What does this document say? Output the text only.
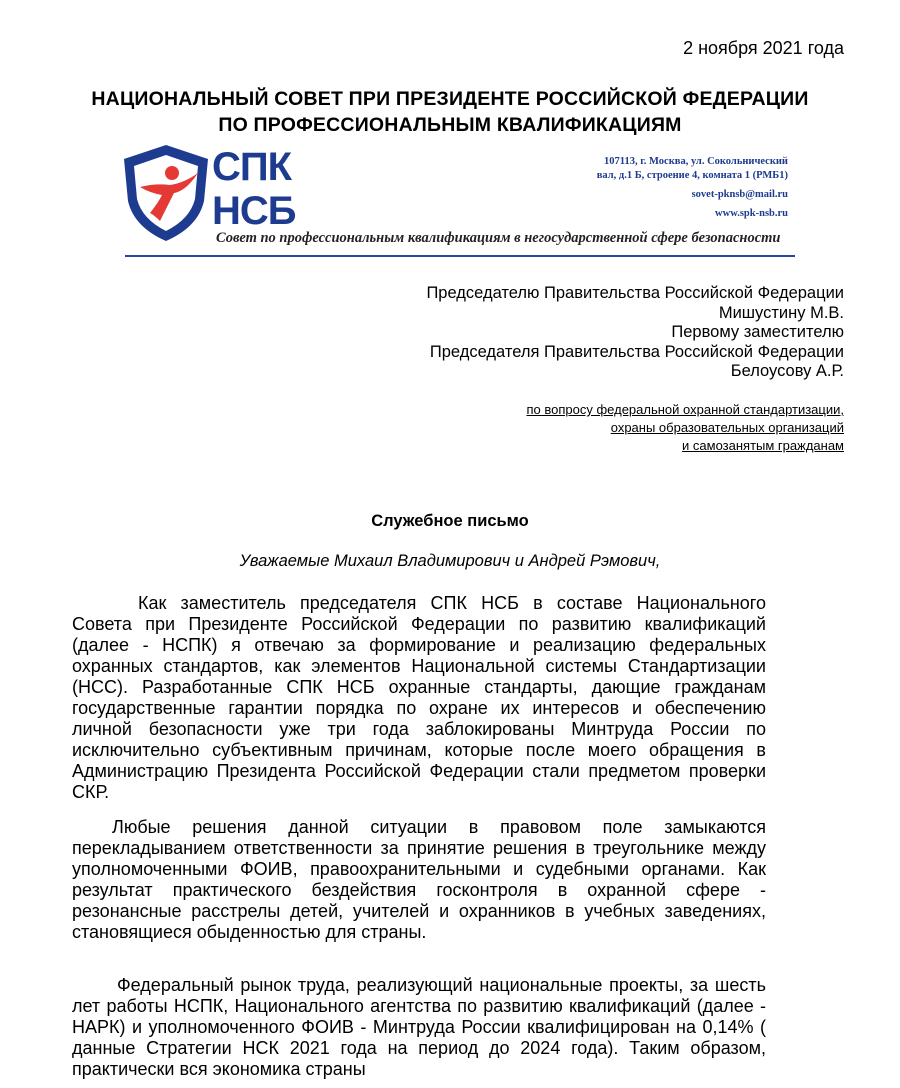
2 ноября 2021 года
НАЦИОНАЛЬНЫЙ СОВЕТ ПРИ ПРЕЗИДЕНТЕ РОССИЙСКОЙ ФЕДЕРАЦИИ
ПО ПРОФЕССИОНАЛЬНЫМ КВАЛИФИКАЦИЯМ
СПК
НСБ
107113, г. Москва, ул. Сокольнический
вал, д.1 Б, строение 4, комната 1 (РМБ1)
sovet-pknsb@mail.ru
www.spk-nsb.ru
Совет по профессиональным квалификациям в негосударственной сфере безопасности
Председателю Правительства Российской Федерации
Мишустину М.В.
Первому заместителю
Председателя Правительства Российской Федерации
Белоусову А.Р.
по вопросу федеральной охранной стандартизации,
охраны образовательных организаций
и самозанятым гражданам
Служебное письмо
Уважаемые Михаил Владимирович и Андрей Рэмович,

Как заместитель председателя СПК НСБ в составе Национального Совета при Президенте Российской Федерации по развитию квалификаций (далее - НСПК) я отвечаю за формирование и реализацию федеральных охранных стандартов, как элементов Национальной системы Стандартизации (НСС). Разработанные СПК НСБ охранные стандарты, дающие гражданам государственные гарантии порядка по охране их интересов и обеспечению личной безопасности уже три года заблокированы Минтруда России по исключительно субъективным причинам, которые после моего обращения в Администрацию Президента Российской Федерации стали предметом проверки СКР.

Любые решения данной ситуации в правовом поле замыкаются перекладыванием ответственности за принятие решения в треугольнике между уполномоченными ФОИВ, правоохранительными и судебными органами. Как результат практического бездействия госконтроля в охранной сфере - резонансные расстрелы детей, учителей и охранников в учебных заведениях, становящиеся обыденностью для страны.

Федеральный рынок труда, реализующий национальные проекты, за шесть лет работы НСПК, Национального агентства по развитию квалификаций (далее - НАРК) и уполномоченного ФОИВ - Минтруда России квалифицирован на 0,14% ( данные Стратегии НСК 2021 года на период до 2024 года). Таким образом, практически вся экономика страны
